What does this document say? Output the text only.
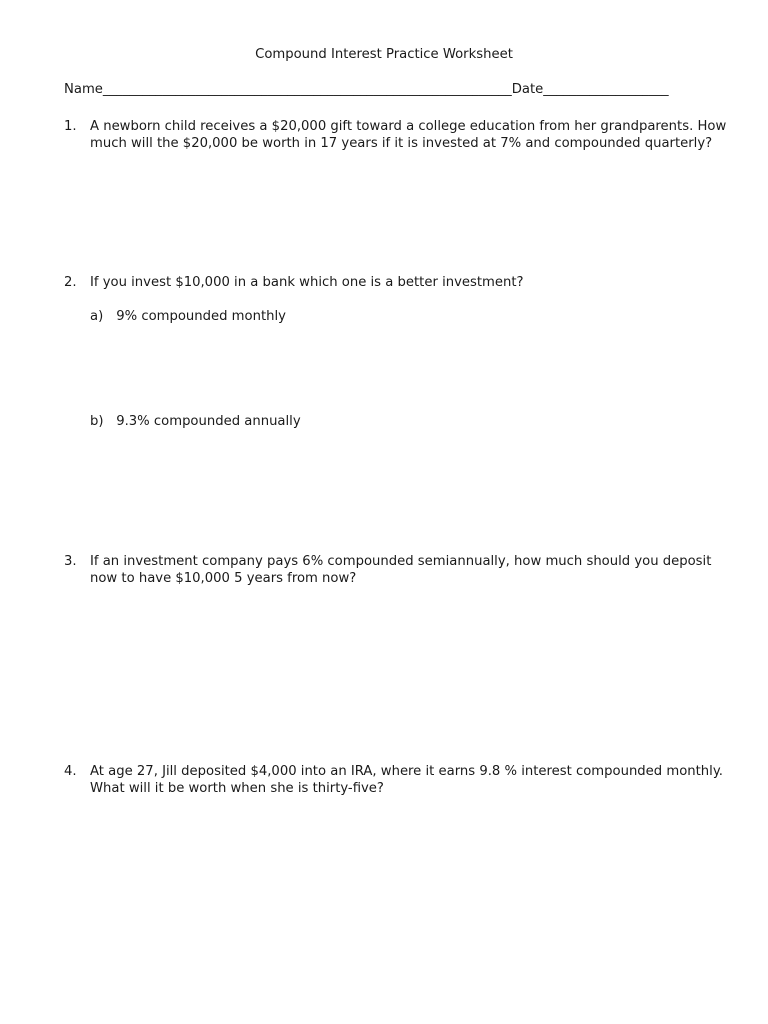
Compound Interest Practice Worksheet
Name______________________________________________________________Date___________________
1.	A newborn child receives a $20,000 gift toward a college education from her grandparents. How much will the $20,000 be worth in 17 years if it is invested at 7% and compounded quarterly?
2.	If you invest $10,000 in a bank which one is a better investment?
a) 9% compounded monthly
b) 9.3% compounded annually
3.	If an investment company pays 6% compounded semiannually, how much should you deposit now to have $10,000 5 years from now?
4.	At age 27, Jill deposited $4,000 into an IRA, where it earns 9.8 % interest compounded monthly. What will it be worth when she is thirty-five?
